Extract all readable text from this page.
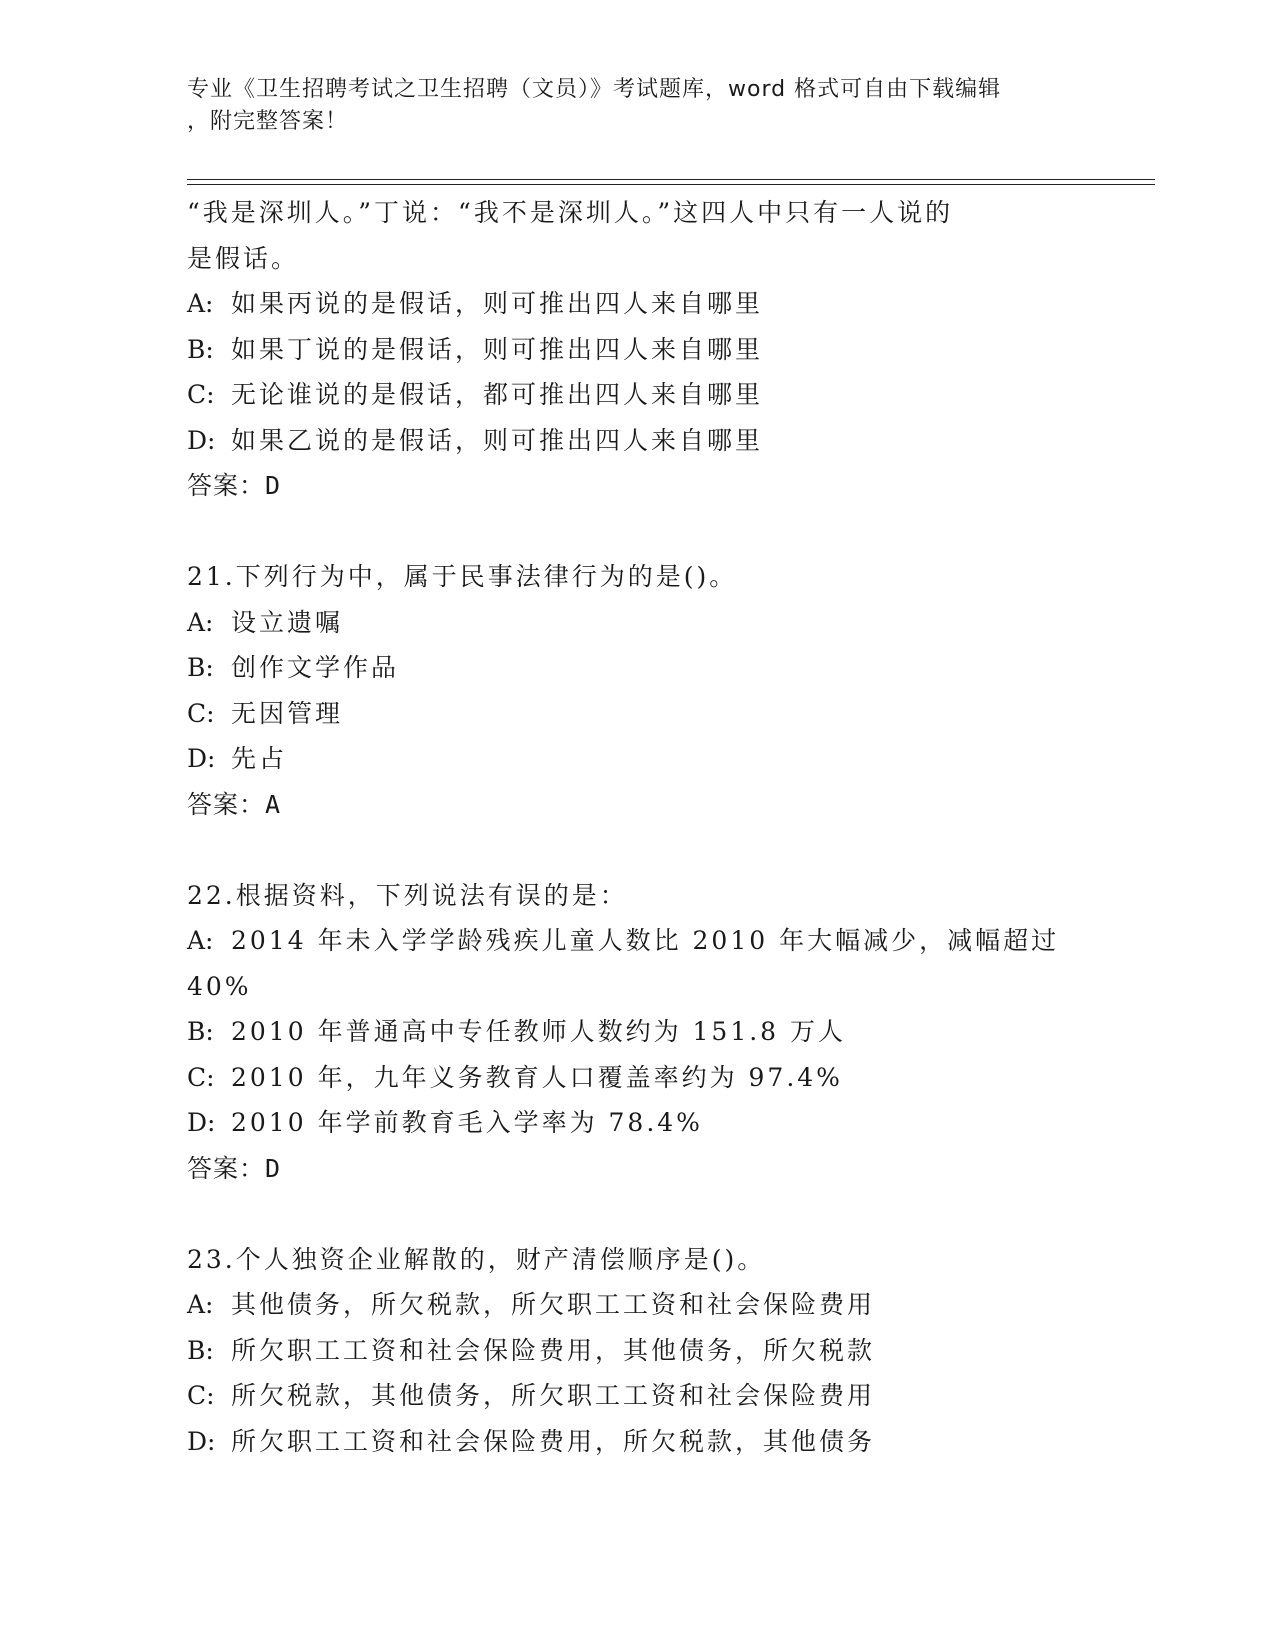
专业《卫生招聘考试之卫生招聘（文员）》考试题库，word 格式可自由下载编辑
，附完整答案！
“我是深圳人。”丁说：“我不是深圳人。”这四人中只有一人说的
是假话。
A: 如果丙说的是假话，则可推出四人来自哪里
B: 如果丁说的是假话，则可推出四人来自哪里
C: 无论谁说的是假话，都可推出四人来自哪里
D: 如果乙说的是假话，则可推出四人来自哪里
答案：D
21.下列行为中，属于民事法律行为的是()。
A: 设立遗嘱
B: 创作文学作品
C: 无因管理
D: 先占
答案：A
22.根据资料，下列说法有误的是：
A: 2014 年未入学学龄残疾儿童人数比 2010 年大幅减少，减幅超过
40%
B: 2010 年普通高中专任教师人数约为 151.8 万人
C: 2010 年，九年义务教育人口覆盖率约为 97.4%
D: 2010 年学前教育毛入学率为 78.4%
答案：D
23.个人独资企业解散的，财产清偿顺序是()。
A: 其他债务，所欠税款，所欠职工工资和社会保险费用
B: 所欠职工工资和社会保险费用，其他债务，所欠税款
C: 所欠税款，其他债务，所欠职工工资和社会保险费用
D: 所欠职工工资和社会保险费用，所欠税款，其他债务
